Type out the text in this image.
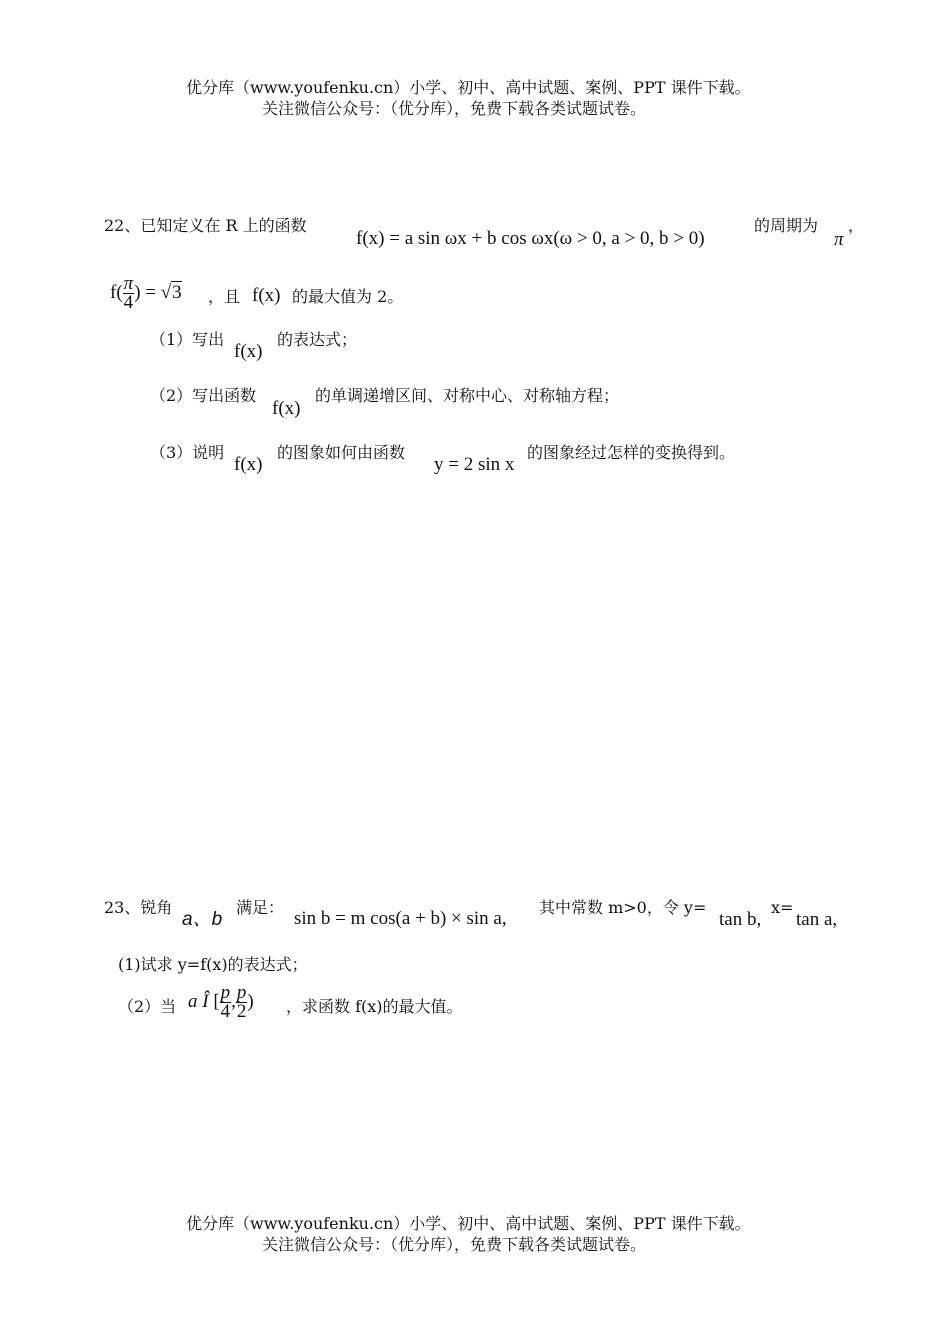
优分库（www.youfenku.cn）小学、初中、高中试题、案例、PPT 课件下载。
关注微信公众号：（优分库），免费下载各类试题试卷。
22、已知定义在 R 上的函数
f(x) = a sin ωx + b cos ωx(ω > 0, a > 0, b > 0)
的周期为
π
，
$f( \frac{\pi}{4}$ ) = √3 ，且 f(x) 的最大值为 2。
（1）写出
f(x)
的表达式；
（2）写出函数
f(x)
的单调递增区间、对称中心、对称轴方程；
（3）说明
f(x)
的图象如何由函数
y = 2 sin x
的图象经过怎样的变换得到。
23、锐角
a、b
满足：
sin b = m cos(a + b) × sin a,
其中常数 m>0，令 y=
tan b,
x=
tan a,
(1)试求 y=f(x)的表达式；
（2）当 a Î [ $\frac{p}{4}$ , $\frac{p}{2}$ ) ，求函数 f(x)的最大值。
优分库（www.youfenku.cn）小学、初中、高中试题、案例、PPT 课件下载。
关注微信公众号：（优分库），免费下载各类试题试卷。
